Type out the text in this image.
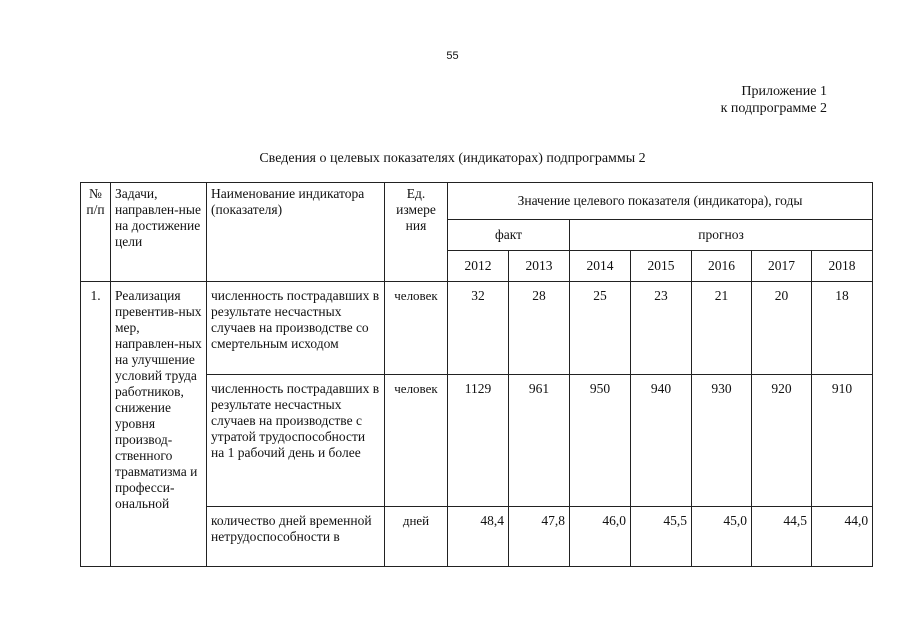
55
Приложение 1
к подпрограмме 2
Сведения о целевых показателях (индикаторах) подпрограммы 2
№ п/п	Задачи, направлен-ные на достижение цели	Наименование индикатора (показателя)	Ед. измере ния	Значение целевого показателя (индикатора), годы						
				факт		прогноз				
				2012	2013	2014	2015	2016	2017	2018
1.	Реализация превентив-ных мер, направлен-ных на улучшение условий труда работников, снижение уровня производ-ственного травматизма и професси-ональной	численность пострадавших в результате несчастных случаев на производстве со смертельным исходом	человек	32	28	25	23	21	20	18
		численность пострадавших в результате несчастных случаев на производстве с утратой трудоспособности на 1 рабочий день и более	человек	1129	961	950	940	930	920	910
		количество дней временной нетрудоспособности в	дней	48,4	47,8	46,0	45,5	45,0	44,5	44,0
